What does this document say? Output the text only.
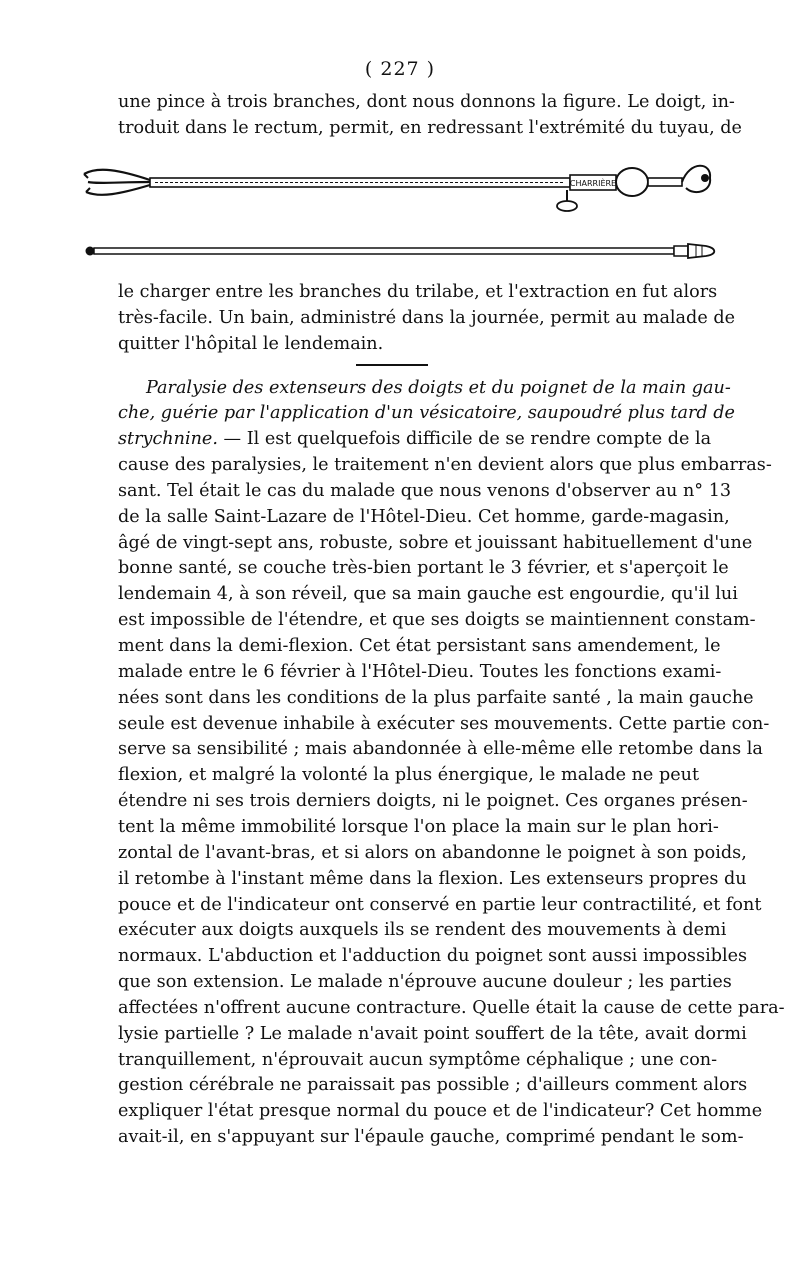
( 227 )
une pince à trois branches, dont nous donnons la figure. Le doigt, in-
troduit dans le rectum, permit, en redressant l'extrémité du tuyau, de
CHARRIÈRE
le charger entre les branches du trilabe, et l'extraction en fut alors
très-facile. Un bain, administré dans la journée, permit au malade de
quitter l'hôpital le lendemain.
Paralysie des extenseurs des doigts et du poignet de la main gau-
che, guérie par l'application d'un vésicatoire, saupoudré plus tard de
strychnine. — Il est quelquefois difficile de se rendre compte de la
cause des paralysies, le traitement n'en devient alors que plus embarras-
sant. Tel était le cas du malade que nous venons d'observer au n° 13
de la salle Saint-Lazare de l'Hôtel-Dieu. Cet homme, garde-magasin,
âgé de vingt-sept ans, robuste, sobre et jouissant habituellement d'une
bonne santé, se couche très-bien portant le 3 février, et s'aperçoit le
lendemain 4, à son réveil, que sa main gauche est engourdie, qu'il lui
est impossible de l'étendre, et que ses doigts se maintiennent constam-
ment dans la demi-flexion. Cet état persistant sans amendement, le
malade entre le 6 février à l'Hôtel-Dieu. Toutes les fonctions exami-
nées sont dans les conditions de la plus parfaite santé , la main gauche
seule est devenue inhabile à exécuter ses mouvements. Cette partie con-
serve sa sensibilité ; mais abandonnée à elle-même elle retombe dans la
flexion, et malgré la volonté la plus énergique, le malade ne peut
étendre ni ses trois derniers doigts, ni le poignet. Ces organes présen-
tent la même immobilité lorsque l'on place la main sur le plan hori-
zontal de l'avant-bras, et si alors on abandonne le poignet à son poids,
il retombe à l'instant même dans la flexion. Les extenseurs propres du
pouce et de l'indicateur ont conservé en partie leur contractilité, et font
exécuter aux doigts auxquels ils se rendent des mouvements à demi
normaux. L'abduction et l'adduction du poignet sont aussi impossibles
que son extension. Le malade n'éprouve aucune douleur ; les parties
affectées n'offrent aucune contracture. Quelle était la cause de cette para-
lysie partielle ? Le malade n'avait point souffert de la tête, avait dormi
tranquillement, n'éprouvait aucun symptôme céphalique ; une con-
gestion cérébrale ne paraissait pas possible ; d'ailleurs comment alors
expliquer l'état presque normal du pouce et de l'indicateur? Cet homme
avait-il, en s'appuyant sur l'épaule gauche, comprimé pendant le som-
